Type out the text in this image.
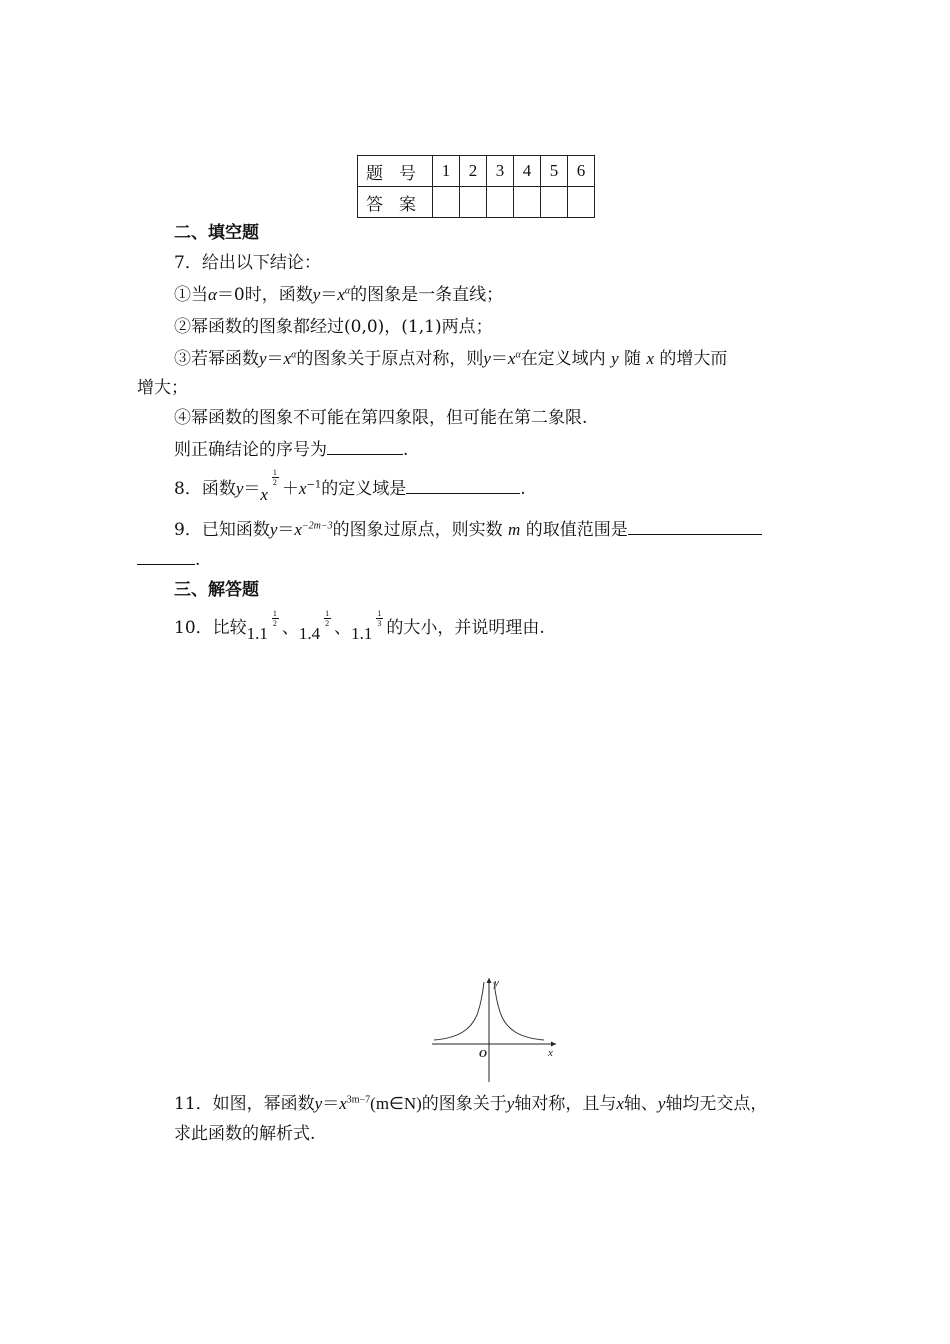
题号	1	2	3	4	5	6
答案						
二、填空题
7．给出以下结论：
①当α＝0时，函数$y=x^\alpha$的图象是一条直线；
②幂函数的图象都经过(0,0)，(1,1)两点；
③若幂函数$y=x^\alpha$的图象关于原点对称，则$y=x^\alpha$在定义域内 y 随 x 的增大而
增大；
④幂函数的图象不可能在第四象限，但可能在第二象限.
则正确结论的序号为	.
8．函数$y=x \frac{1}{2} +x^{-1}$的定义域是	.
9．已知函数$y=x^{-2m-3}$的图象过原点，则实数 m 的取值范围是
.
三、解答题
10．比较$1.1 \frac{1}{2}$ 、$1.4 \frac{1}{2}$ 、$1.1 \frac{1}{3}$ 的大小，并说明理由.
y
x
O
11．如图，幂函数$y=x^{3m-7}(m\in N)$的图象关于y轴对称，且与x轴、y轴均无交点，
求此函数的解析式.
